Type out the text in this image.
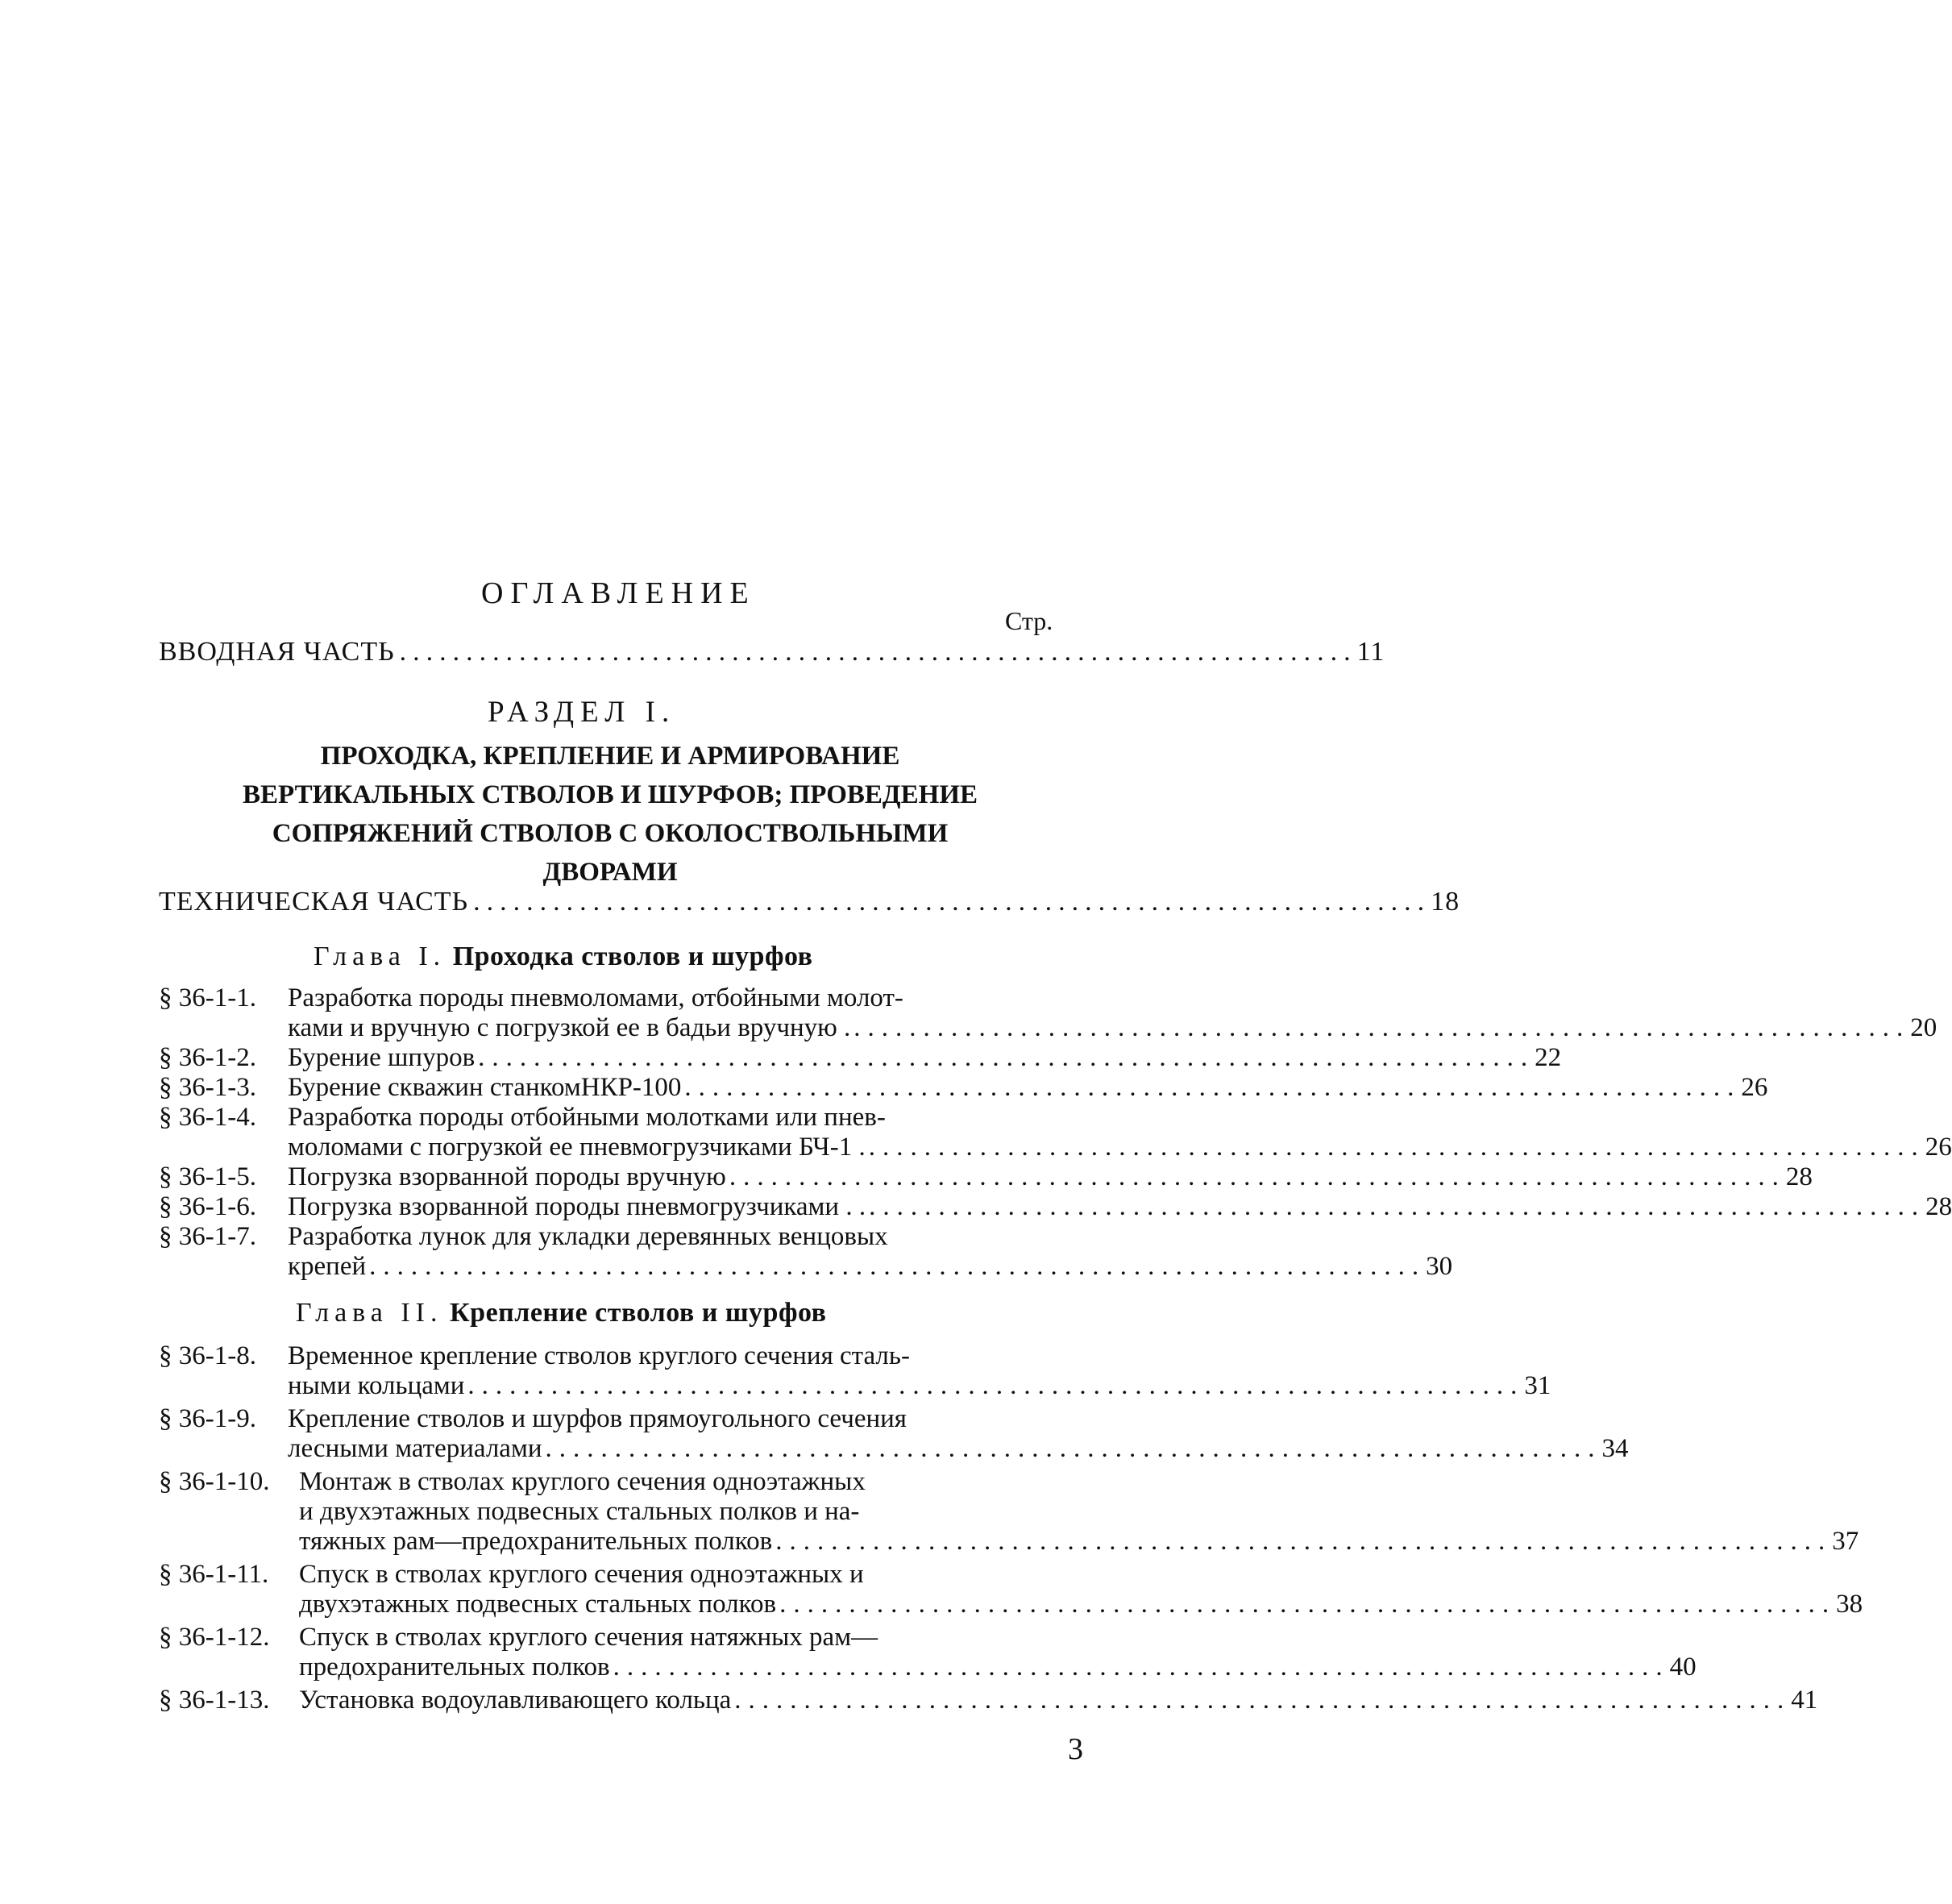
ОГЛАВЛЕНИЕ
Стр.
ВВОДНАЯ ЧАСТЬ ........................................................................ 11
РАЗДЕЛ I.
ПРОХОДКА, КРЕПЛЕНИЕ И АРМИРОВАНИЕ
ВЕРТИКАЛЬНЫХ СТВОЛОВ И ШУРФОВ; ПРОВЕДЕНИЕ
СОПРЯЖЕНИЙ СТВОЛОВ С ОКОЛОСТВОЛЬНЫМИ
ДВОРАМИ
ТЕХНИЧЕСКАЯ ЧАСТЬ ........................................................................ 18
Глава I. Проходка стволов и шурфов
§ 36-1-1. Разработка породы пневмоломами, отбойными молот-
ками и вручную с погрузкой ее в бадьи вручную . ............................................................................ 20
§ 36-1-2. Бурение шпуров ............................................................................ 22
§ 36-1-3. Бурение скважин станкомНКР-100 ............................................................................ 26
§ 36-1-4. Разработка породы отбойными молотками или пнев-
моломами с погрузкой ее пневмогрузчиками БЧ-1 . ............................................................................ 26
§ 36-1-5. Погрузка взорванной породы вручную ............................................................................ 28
§ 36-1-6. Погрузка взорванной породы пневмогрузчиками . . ............................................................................ 28
§ 36-1-7. Разработка лунок для укладки деревянных венцовых
крепей ............................................................................ 30
Глава II. Крепление стволов и шурфов
§ 36-1-8. Временное крепление стволов круглого сечения сталь-
ными кольцами ............................................................................ 31
§ 36-1-9. Крепление стволов и шурфов прямоугольного сечения
лесными материалами ............................................................................ 34
§ 36-1-10. Монтаж в стволах круглого сечения одноэтажных
и двухэтажных подвесных стальных полков и на-
тяжных рам—предохранительных полков ............................................................................ 37
§ 36-1-11. Спуск в стволах круглого сечения одноэтажных и
двухэтажных подвесных стальных полков ............................................................................ 38
§ 36-1-12. Спуск в стволах круглого сечения натяжных рам—
предохранительных полков ............................................................................ 40
§ 36-1-13. Установка водоулавливающего кольца ............................................................................ 41
3
